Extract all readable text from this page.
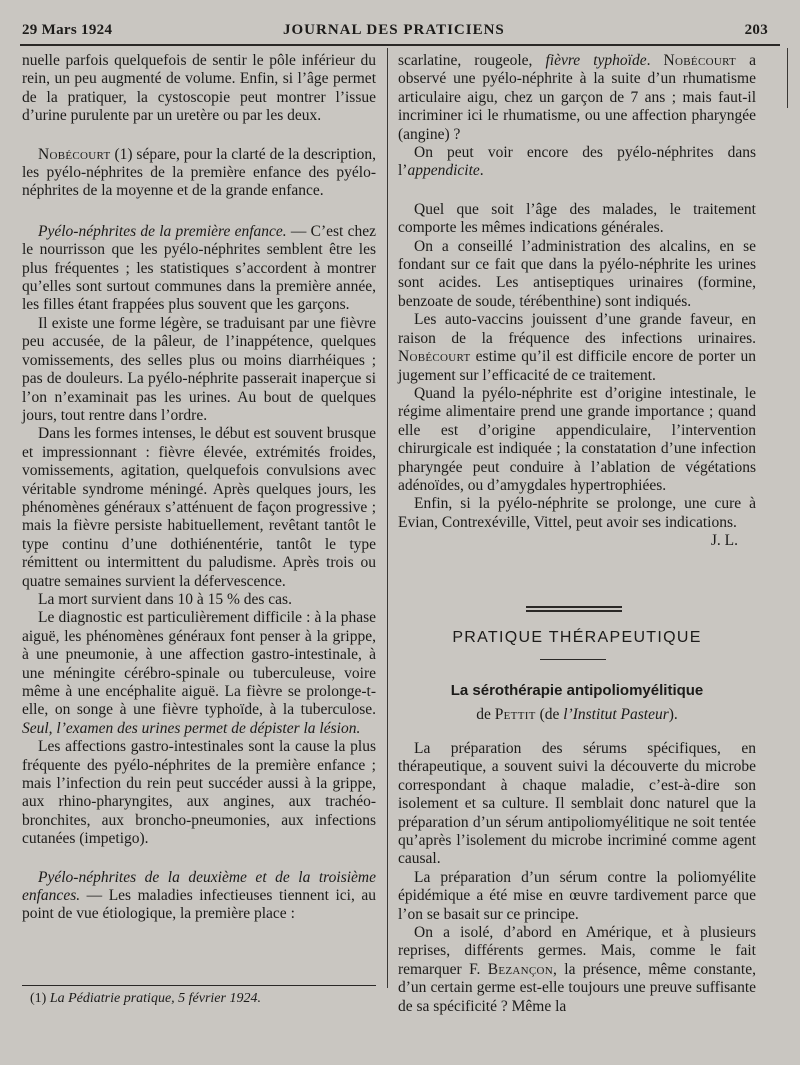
29 Mars 1924	JOURNAL DES PRATICIENS	203

nuelle parfois quelquefois de sentir le pôle inférieur du rein, un peu augmenté de volume. Enfin, si l’âge permet de la pratiquer, la cystoscopie peut montrer l’issue d’urine purulente par un uretère ou par les deux.

Nobécourt (1) sépare, pour la clarté de la description, les pyélo-néphrites de la première enfance des pyélo-néphrites de la moyenne et de la grande enfance.

Pyélo-néphrites de la première enfance. — C’est chez le nourrisson que les pyélo-néphrites semblent être les plus fréquentes ; les statistiques s’accordent à montrer qu’elles sont surtout communes dans la première année, les filles étant frappées plus souvent que les garçons.

Il existe une forme légère, se traduisant par une fièvre peu accusée, de la pâleur, de l’inappétence, quelques vomissements, des selles plus ou moins diarrhéiques ; pas de douleurs. La pyélo-néphrite passerait inaperçue si l’on n’examinait pas les urines. Au bout de quelques jours, tout rentre dans l’ordre.

Dans les formes intenses, le début est souvent brusque et impressionnant : fièvre élevée, extrémités froides, vomissements, agitation, quelquefois convulsions avec véritable syndrome méningé. Après quelques jours, les phénomènes généraux s’atténuent de façon progressive ; mais la fièvre persiste habituellement, revêtant tantôt le type continu d’une dothiénentérie, tantôt le type rémittent ou intermittent du paludisme. Après trois ou quatre semaines survient la défervescence.

La mort survient dans 10 à 15 % des cas.

Le diagnostic est particulièrement difficile : à la phase aiguë, les phénomènes généraux font penser à la grippe, à une pneumonie, à une affection gastro-intestinale, à une méningite cérébro-spinale ou tuberculeuse, voire même à une encéphalite aiguë. La fièvre se prolonge-t-elle, on songe à une fièvre typhoïde, à la tuberculose. Seul, l’examen des urines permet de dépister la lésion.

Les affections gastro-intestinales sont la cause la plus fréquente des pyélo-néphrites de la première enfance ; mais l’infection du rein peut succéder aussi à la grippe, aux rhino-pharyngites, aux angines, aux trachéo-bronchites, aux broncho-pneumonies, aux infections cutanées (impetigo).

Pyélo-néphrites de la deuxième et de la troisième enfances. — Les maladies infectieuses tiennent ici, au point de vue étiologique, la première place :

(1) La Pédiatrie pratique, 5 février 1924.

scarlatine, rougeole, fièvre typhoïde. Nobécourt a observé une pyélo-néphrite à la suite d’un rhumatisme articulaire aigu, chez un garçon de 7 ans ; mais faut-il incriminer ici le rhumatisme, ou une affection pharyngée (angine) ?

On peut voir encore des pyélo-néphrites dans l’appendicite.

Quel que soit l’âge des malades, le traitement comporte les mêmes indications générales.

On a conseillé l’administration des alcalins, en se fondant sur ce fait que dans la pyélo-néphrite les urines sont acides. Les antiseptiques urinaires (formine, benzoate de soude, térébenthine) sont indiqués.

Les auto-vaccins jouissent d’une grande faveur, en raison de la fréquence des infections urinaires. Nobécourt estime qu’il est difficile encore de porter un jugement sur l’efficacité de ce traitement.

Quand la pyélo-néphrite est d’origine intestinale, le régime alimentaire prend une grande importance ; quand elle est d’origine appendiculaire, l’intervention chirurgicale est indiquée ; la constatation d’une infection pharyngée peut conduire à l’ablation de végétations adénoïdes, ou d’amygdales hypertrophiées.

Enfin, si la pyélo-néphrite se prolonge, une cure à Evian, Contrexéville, Vittel, peut avoir ses indications.

J. L.

PRATIQUE THÉRAPEUTIQUE
La sérothérapie antipoliomyélitique
de Pettit (de l’Institut Pasteur).

La préparation des sérums spécifiques, en thérapeutique, a souvent suivi la découverte du microbe correspondant à chaque maladie, c’est-à-dire son isolement et sa culture. Il semblait donc naturel que la préparation d’un sérum antipoliomyélitique ne soit tentée qu’après l’isolement du microbe incriminé comme agent causal.

La préparation d’un sérum contre la poliomyélite épidémique a été mise en œuvre tardivement parce que l’on se basait sur ce principe.

On a isolé, d’abord en Amérique, et à plusieurs reprises, différents germes. Mais, comme le fait remarquer F. Bezançon, la présence, même constante, d’un certain germe est-elle toujours une preuve suffisante de sa spécificité ? Même la
